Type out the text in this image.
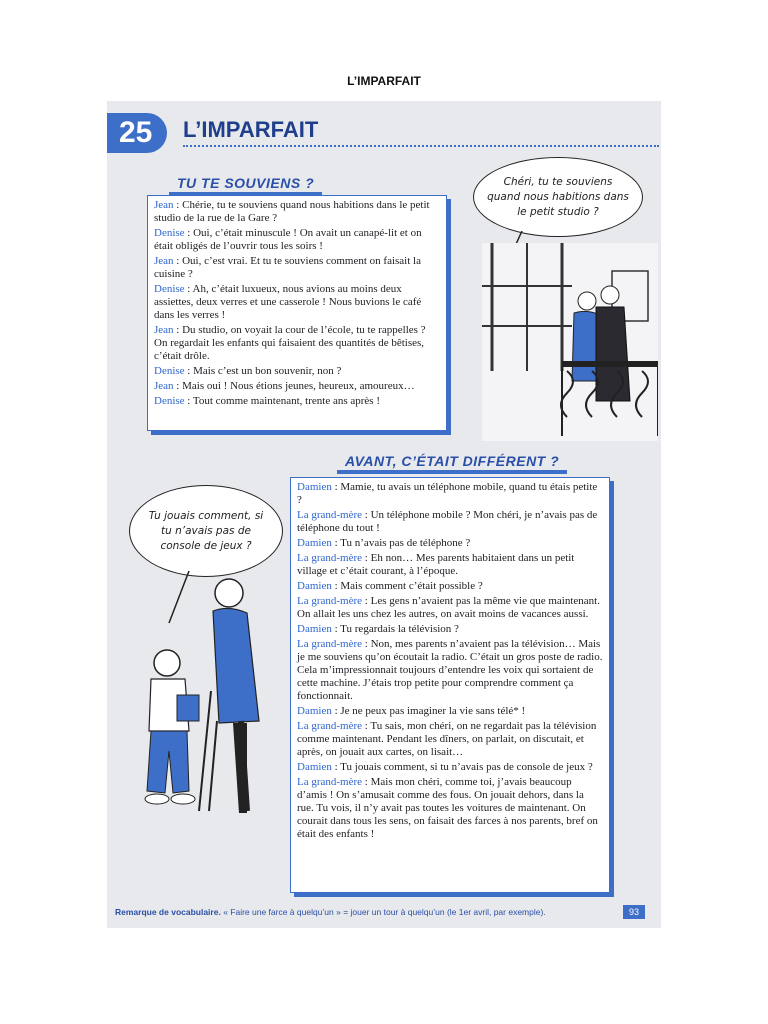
L’IMPARFAIT
25	L’IMPARFAIT
TU TE SOUVIENS ?
Jean : Chérie, tu te souviens quand nous habitions dans le petit studio de la rue de la Gare ?
Denise : Oui, c’était minuscule ! On avait un canapé-lit et on était obligés de l’ouvrir tous les soirs !
Jean : Oui, c’est vrai. Et tu te souviens comment on faisait la cuisine ?
Denise : Ah, c’était luxueux, nous avions au moins deux assiettes, deux verres et une casserole ! Nous buvions le café dans les verres !
Jean : Du studio, on voyait la cour de l’école, tu te rappelles ? On regardait les enfants qui faisaient des quantités de bêtises, c’était drôle.
Denise : Mais c’est un bon souvenir, non ?
Jean : Mais oui ! Nous étions jeunes, heureux, amoureux…
Denise : Tout comme maintenant, trente ans après !
Chéri, tu te souviens quand nous habitions dans le petit studio ?
AVANT, C’ÉTAIT DIFFÉRENT ?
Damien : Mamie, tu avais un téléphone mobile, quand tu étais petite ?
La grand-mère : Un téléphone mobile ? Mon chéri, je n’avais pas de téléphone du tout !
Damien : Tu n’avais pas de téléphone ?
La grand-mère : Eh non… Mes parents habitaient dans un petit village et c’était courant, à l’époque.
Damien : Mais comment c’était possible ?
La grand-mère : Les gens n’avaient pas la même vie que maintenant. On allait les uns chez les autres, on avait moins de vacances aussi.
Damien : Tu regardais la télévision ?
La grand-mère : Non, mes parents n’avaient pas la télévision… Mais je me souviens qu’on écoutait la radio. C’était un gros poste de radio. Cela m’impressionnait toujours d’entendre les voix qui sortaient de cette machine. J’étais trop petite pour comprendre comment ça fonctionnait.
Damien : Je ne peux pas imaginer la vie sans télé* !
La grand-mère : Tu sais, mon chéri, on ne regardait pas la télévision comme maintenant. Pendant les dîners, on parlait, on discutait, et après, on jouait aux cartes, on lisait…
Damien : Tu jouais comment, si tu n’avais pas de console de jeux ?
La grand-mère : Mais mon chéri, comme toi, j’avais beaucoup d’amis ! On s’amusait comme des fous. On jouait dehors, dans la rue. Tu vois, il n’y avait pas toutes les voitures de maintenant. On courait dans tous les sens, on faisait des farces à nos parents, bref on était des enfants !
Tu jouais comment, si tu n’avais pas de console de jeux ?
Remarque de vocabulaire. « Faire une farce à quelqu’un » = jouer un tour à quelqu’un (le 1er avril, par exemple).	93
